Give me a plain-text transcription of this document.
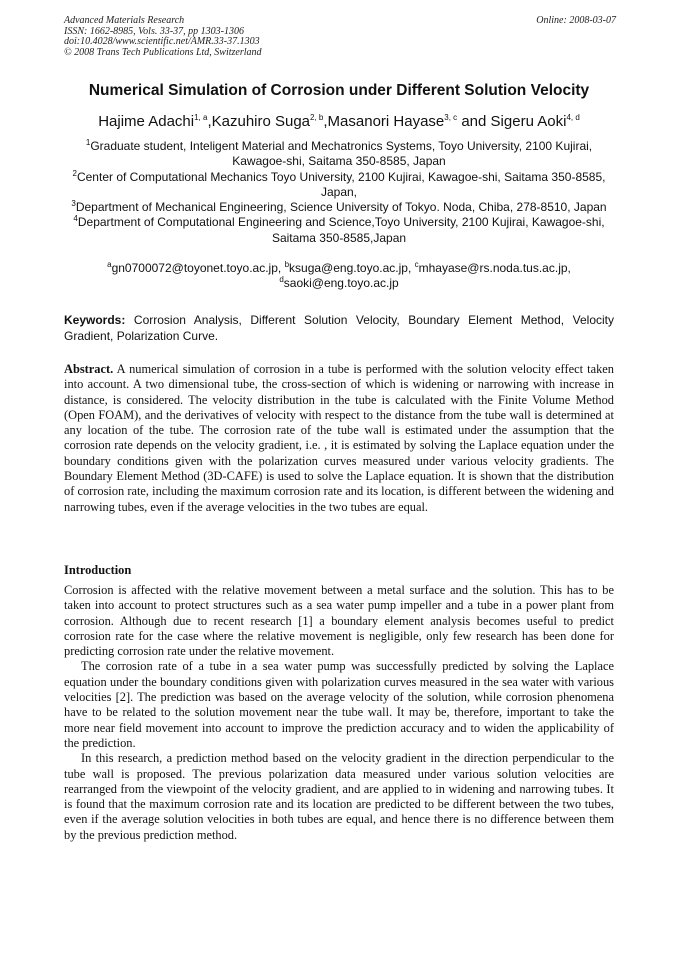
Advanced Materials Research
ISSN: 1662-8985, Vols. 33-37, pp 1303-1306
doi:10.4028/www.scientific.net/AMR.33-37.1303
© 2008 Trans Tech Publications Ltd, Switzerland
Online: 2008-03-07
Numerical Simulation of Corrosion under Different Solution Velocity
Hajime Adachi$^{1, a}$,Kazuhiro Suga$^{2, b}$,Masanori Hayase$^{3, c}$ and Sigeru Aoki$^{4, d}$
$^1$Graduate student, Inteligent Material and Mechatronics Systems, Toyo University, 2100 Kujirai, Kawagoe-shi, Saitama 350-8585, Japan
$^2$Center of Computational Mechanics Toyo University, 2100 Kujirai, Kawagoe-shi, Saitama 350-8585, Japan,
$^3$Department of Mechanical Engineering, Science University of Tokyo. Noda, Chiba, 278-8510, Japan
$^4$Department of Computational Engineering and Science,Toyo University, 2100 Kujirai, Kawagoe-shi, Saitama 350-8585,Japan
$^a$gn0700072@toyonet.toyo.ac.jp, $^b$ksuga@eng.toyo.ac.jp, $^c$mhayase@rs.noda.tus.ac.jp,
$^d$saoki@eng.toyo.ac.jp
Keywords: Corrosion Analysis, Different Solution Velocity, Boundary Element Method, Velocity Gradient, Polarization Curve.
Abstract. A numerical simulation of corrosion in a tube is performed with the solution velocity effect taken into account. A two dimensional tube, the cross-section of which is widening or narrowing with increase in distance, is considered. The velocity distribution in the tube is calculated with the Finite Volume Method (Open FOAM), and the derivatives of velocity with respect to the distance from the tube wall is determined at any location of the tube. The corrosion rate of the tube wall is estimated under the assumption that the corrosion rate depends on the velocity gradient, i.e. , it is estimated by solving the Laplace equation under the boundary conditions given with the polarization curves measured under various velocity gradients. The Boundary Element Method (3D-CAFE) is used to solve the Laplace equation. It is shown that the distribution of corrosion rate, including the maximum corrosion rate and its location, is different between the widening and narrowing tubes, even if the average velocities in the two tubes are equal.
Introduction

Corrosion is affected with the relative movement between a metal surface and the solution. This has to be taken into account to protect structures such as a sea water pump impeller and a tube in a power plant from corrosion. Although due to recent research [1] a boundary element analysis becomes useful to predict corrosion rate for the case where the relative movement is negligible, only few research has been done for predicting corrosion rate under the relative movement.

The corrosion rate of a tube in a sea water pump was successfully predicted by solving the Laplace equation under the boundary conditions given with polarization curves measured in the sea water with various velocities [2]. The prediction was based on the average velocity of the solution, while corrosion phenomena have to be related to the solution movement near the tube wall. It may be, therefore, important to take the more near field movement into account to improve the prediction accuracy and to widen the applicability of the prediction.

In this research, a prediction method based on the velocity gradient in the direction perpendicular to the tube wall is proposed. The previous polarization data measured under various solution velocities are rearranged from the viewpoint of the velocity gradient, and are applied to in widening and narrowing tubes. It is found that the maximum corrosion rate and its location are predicted to be different between the two tubes, even if the average solution velocities in both tubes are equal, and hence there is no difference between them by the previous prediction method.
